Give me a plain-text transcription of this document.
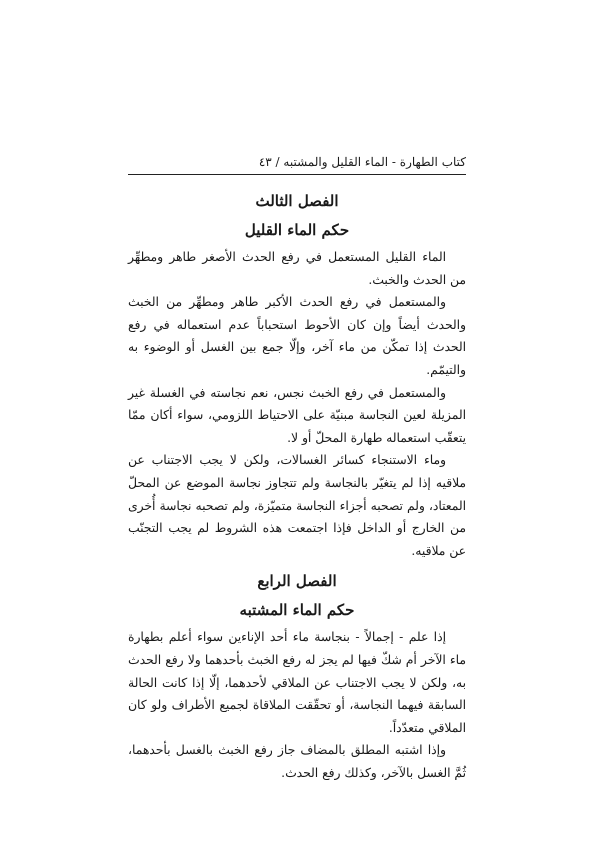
كتاب الطهارة - الماء القليل والمشتبه / ٤٣
الفصل الثالث
حكم الماء القليل

الماء القليل المستعمل في رفع الحدث الأصغر طاهر ومطهِّر من الحدث والخبث.

والمستعمل في رفع الحدث الأكبر طاهر ومطهِّر من الخبث والحدث أيضاً وإن كان الأحوط استحباباً عدم استعماله في رفع الحدث إذا تمكّن من ماء آخر، وإلّا جمع بين الغسل أو الوضوء به والتيمّم.

والمستعمل في رفع الخبث نجس، نعم نجاسته في الغسلة غير المزيلة لعين النجاسة مبنيّة على الاحتياط اللزومي، سواء أكان ممّا يتعقّب استعماله طهارة المحلّ أو لا.

وماء الاستنجاء كسائر الغسالات، ولكن لا يجب الاجتناب عن ملاقيه إذا لم يتغيّر بالنجاسة ولم تتجاوز نجاسة الموضع عن المحلّ المعتاد، ولم تصحبه أجزاء النجاسة متميّزة، ولم تصحبه نجاسة أُخرى من الخارج أو الداخل فإذا اجتمعت هذه الشروط لم يجب التجنّب عن ملاقيه.

الفصل الرابع
حكم الماء المشتبه

إذا علم - إجمالاً - بنجاسة ماء أحد الإناءين سواء أعلم بطهارة ماء الآخر أم شكّ فيها لم يجز له رفع الخبث بأحدهما ولا رفع الحدث به، ولكن لا يجب الاجتناب عن الملاقي لأحدهما، إلّا إذا كانت الحالة السابقة فيهما النجاسة، أو تحقّقت الملاقاة لجميع الأطراف ولو كان الملاقي متعدّداً.

وإذا اشتبه المطلق بالمضاف جاز رفع الخبث بالغسل بأحدهما، ثُمَّ الغسل بالآخر، وكذلك رفع الحدث.
